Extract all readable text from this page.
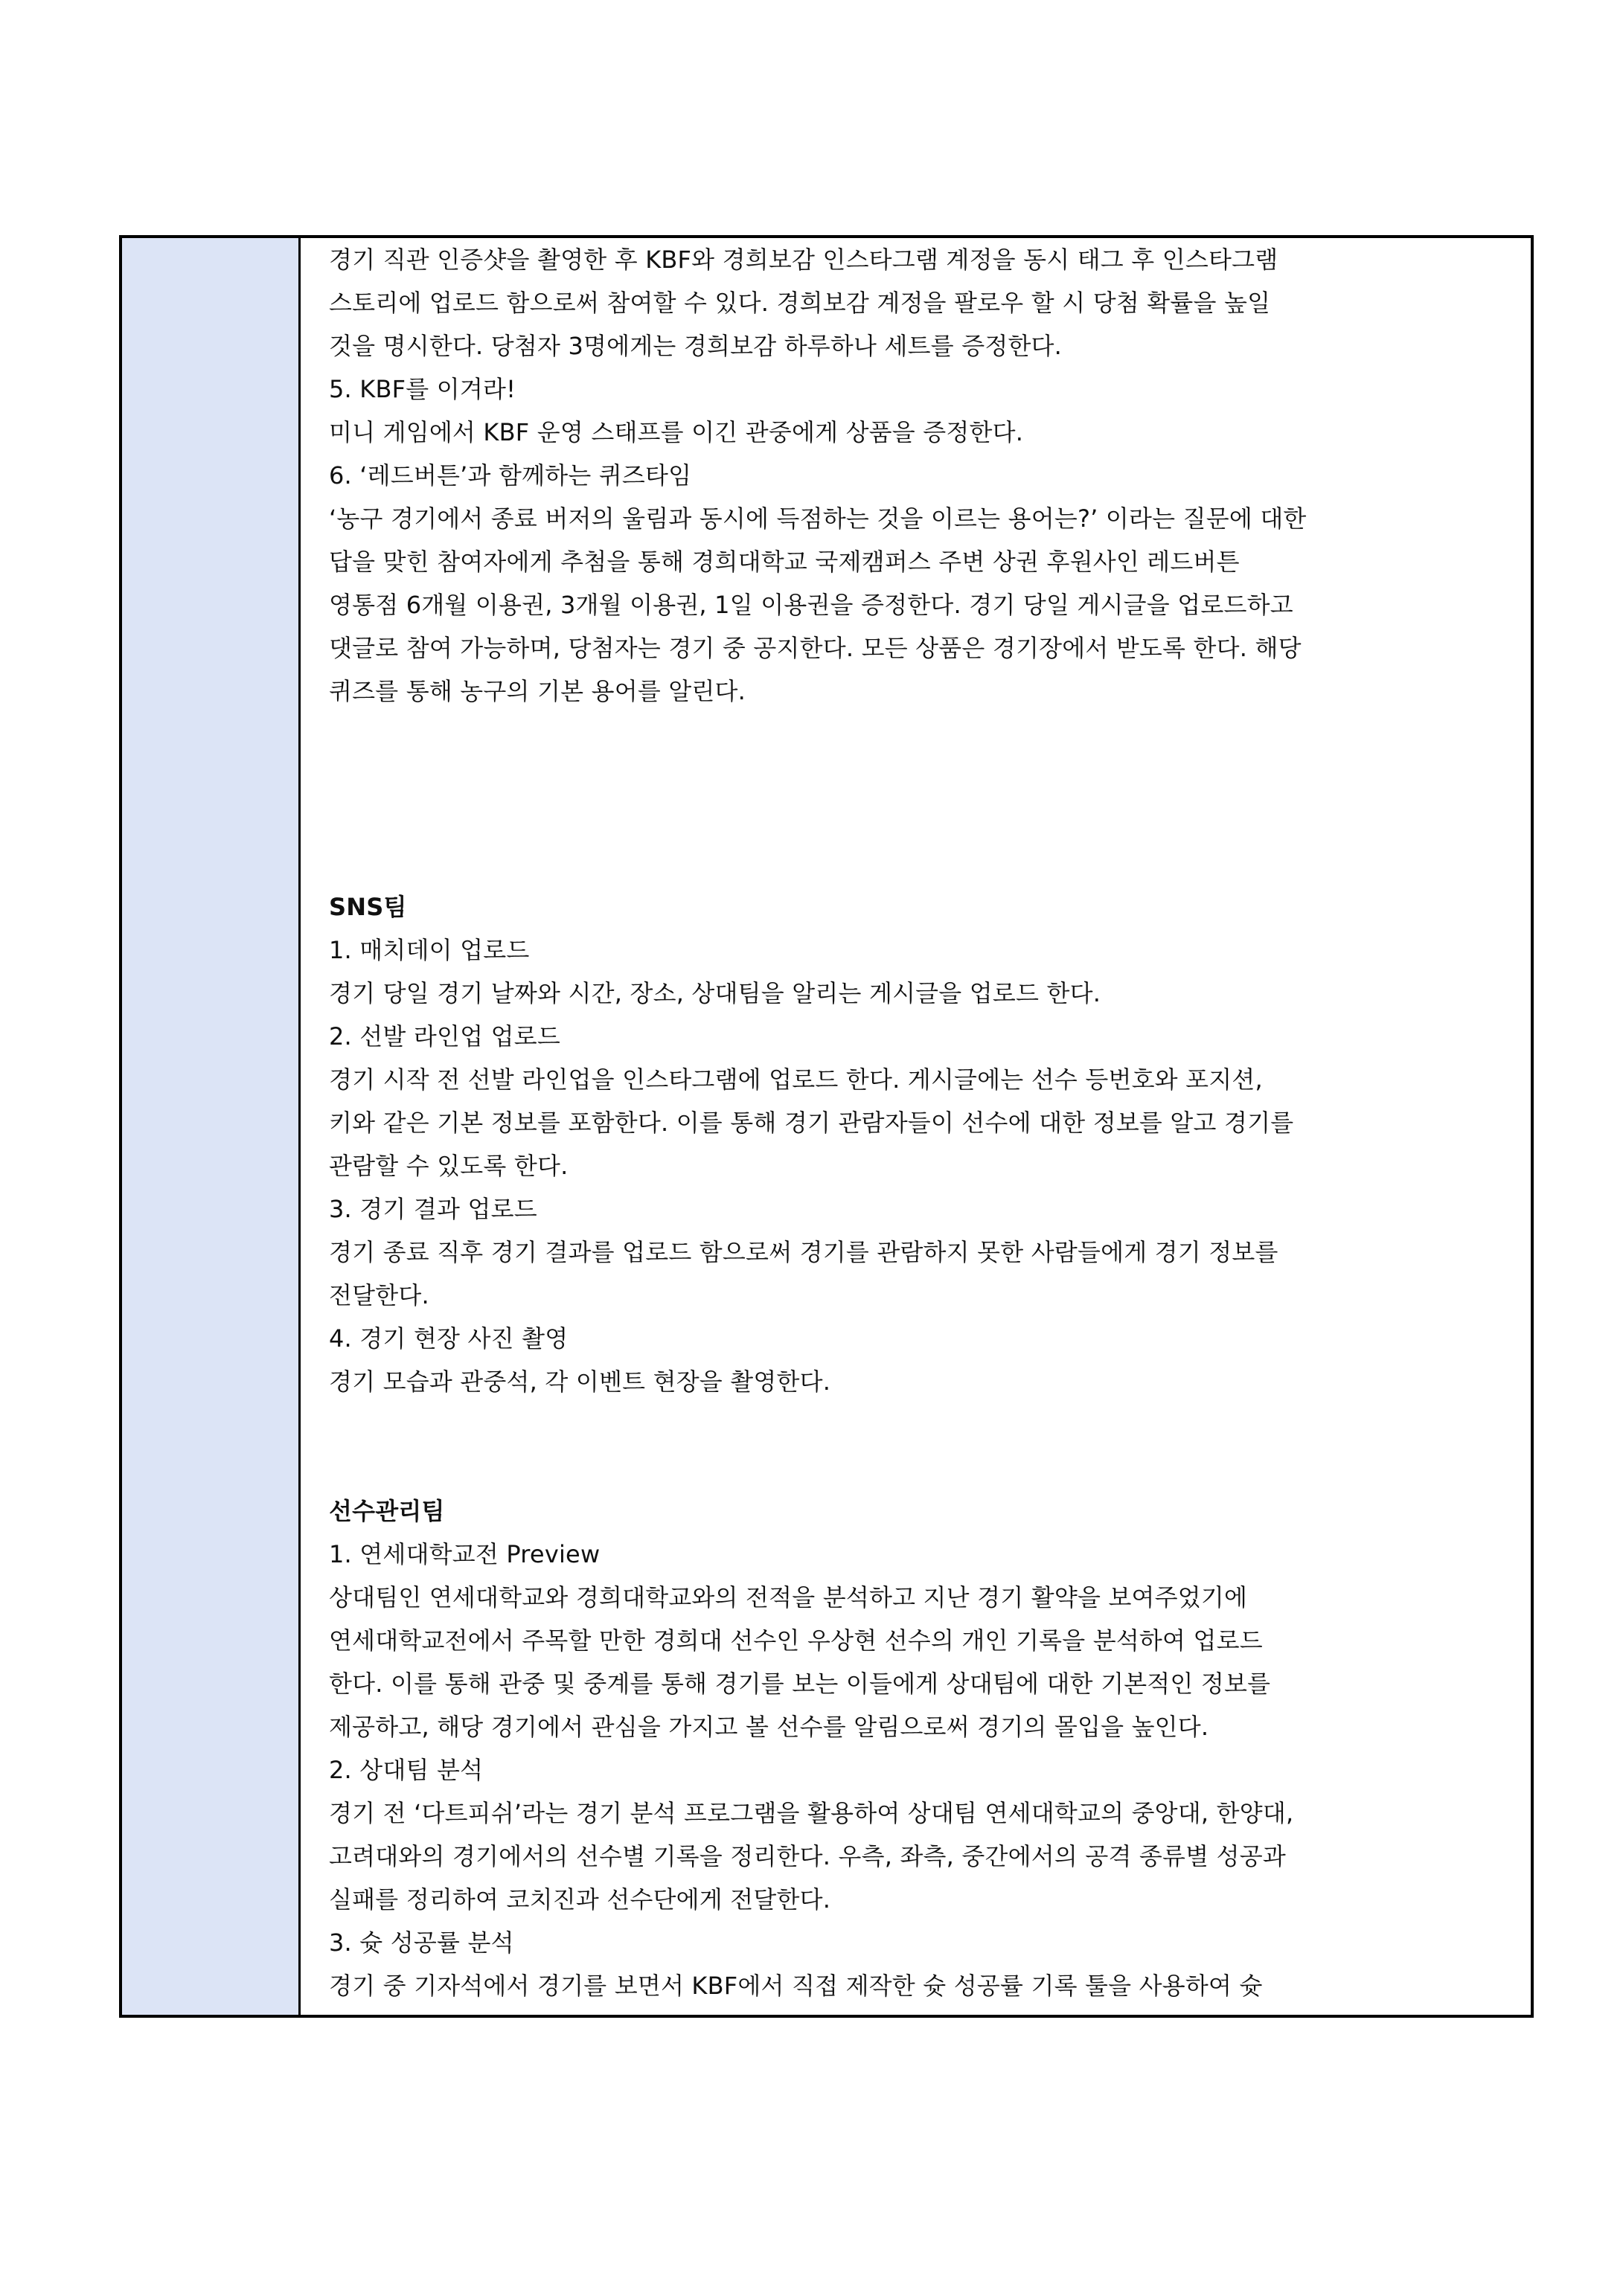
경기 직관 인증샷을 촬영한 후 KBF와 경희보감 인스타그램 계정을 동시 태그 후 인스타그램
스토리에 업로드 함으로써 참여할 수 있다. 경희보감 계정을 팔로우 할 시 당첨 확률을 높일
것을 명시한다. 당첨자 3명에게는 경희보감 하루하나 세트를 증정한다.
5. KBF를 이겨라!
미니 게임에서 KBF 운영 스태프를 이긴 관중에게 상품을 증정한다.
6. ‘레드버튼’과 함께하는 퀴즈타임
‘농구 경기에서 종료 버저의 울림과 동시에 득점하는 것을 이르는 용어는?’ 이라는 질문에 대한
답을 맞힌 참여자에게 추첨을 통해 경희대학교 국제캠퍼스 주변 상권 후원사인 레드버튼
영통점 6개월 이용권, 3개월 이용권, 1일 이용권을 증정한다. 경기 당일 게시글을 업로드하고
댓글로 참여 가능하며, 당첨자는 경기 중 공지한다. 모든 상품은 경기장에서 받도록 한다. 해당
퀴즈를 통해 농구의 기본 용어를 알린다.
SNS팀
1. 매치데이 업로드
경기 당일 경기 날짜와 시간, 장소, 상대팀을 알리는 게시글을 업로드 한다.
2. 선발 라인업 업로드
경기 시작 전 선발 라인업을 인스타그램에 업로드 한다. 게시글에는 선수 등번호와 포지션,
키와 같은 기본 정보를 포함한다. 이를 통해 경기 관람자들이 선수에 대한 정보를 알고 경기를
관람할 수 있도록 한다.
3. 경기 결과 업로드
경기 종료 직후 경기 결과를 업로드 함으로써 경기를 관람하지 못한 사람들에게 경기 정보를
전달한다.
4. 경기 현장 사진 촬영
경기 모습과 관중석, 각 이벤트 현장을 촬영한다.
선수관리팀
1. 연세대학교전 Preview
상대팀인 연세대학교와 경희대학교와의 전적을 분석하고 지난 경기 활약을 보여주었기에
연세대학교전에서 주목할 만한 경희대 선수인 우상현 선수의 개인 기록을 분석하여 업로드
한다. 이를 통해 관중 및 중계를 통해 경기를 보는 이들에게 상대팀에 대한 기본적인 정보를
제공하고, 해당 경기에서 관심을 가지고 볼 선수를 알림으로써 경기의 몰입을 높인다.
2. 상대팀 분석
경기 전 ‘다트피쉬’라는 경기 분석 프로그램을 활용하여 상대팀 연세대학교의 중앙대, 한양대,
고려대와의 경기에서의 선수별 기록을 정리한다. 우측, 좌측, 중간에서의 공격 종류별 성공과
실패를 정리하여 코치진과 선수단에게 전달한다.
3. 슛 성공률 분석
경기 중 기자석에서 경기를 보면서 KBF에서 직접 제작한 슛 성공률 기록 툴을 사용하여 슛
